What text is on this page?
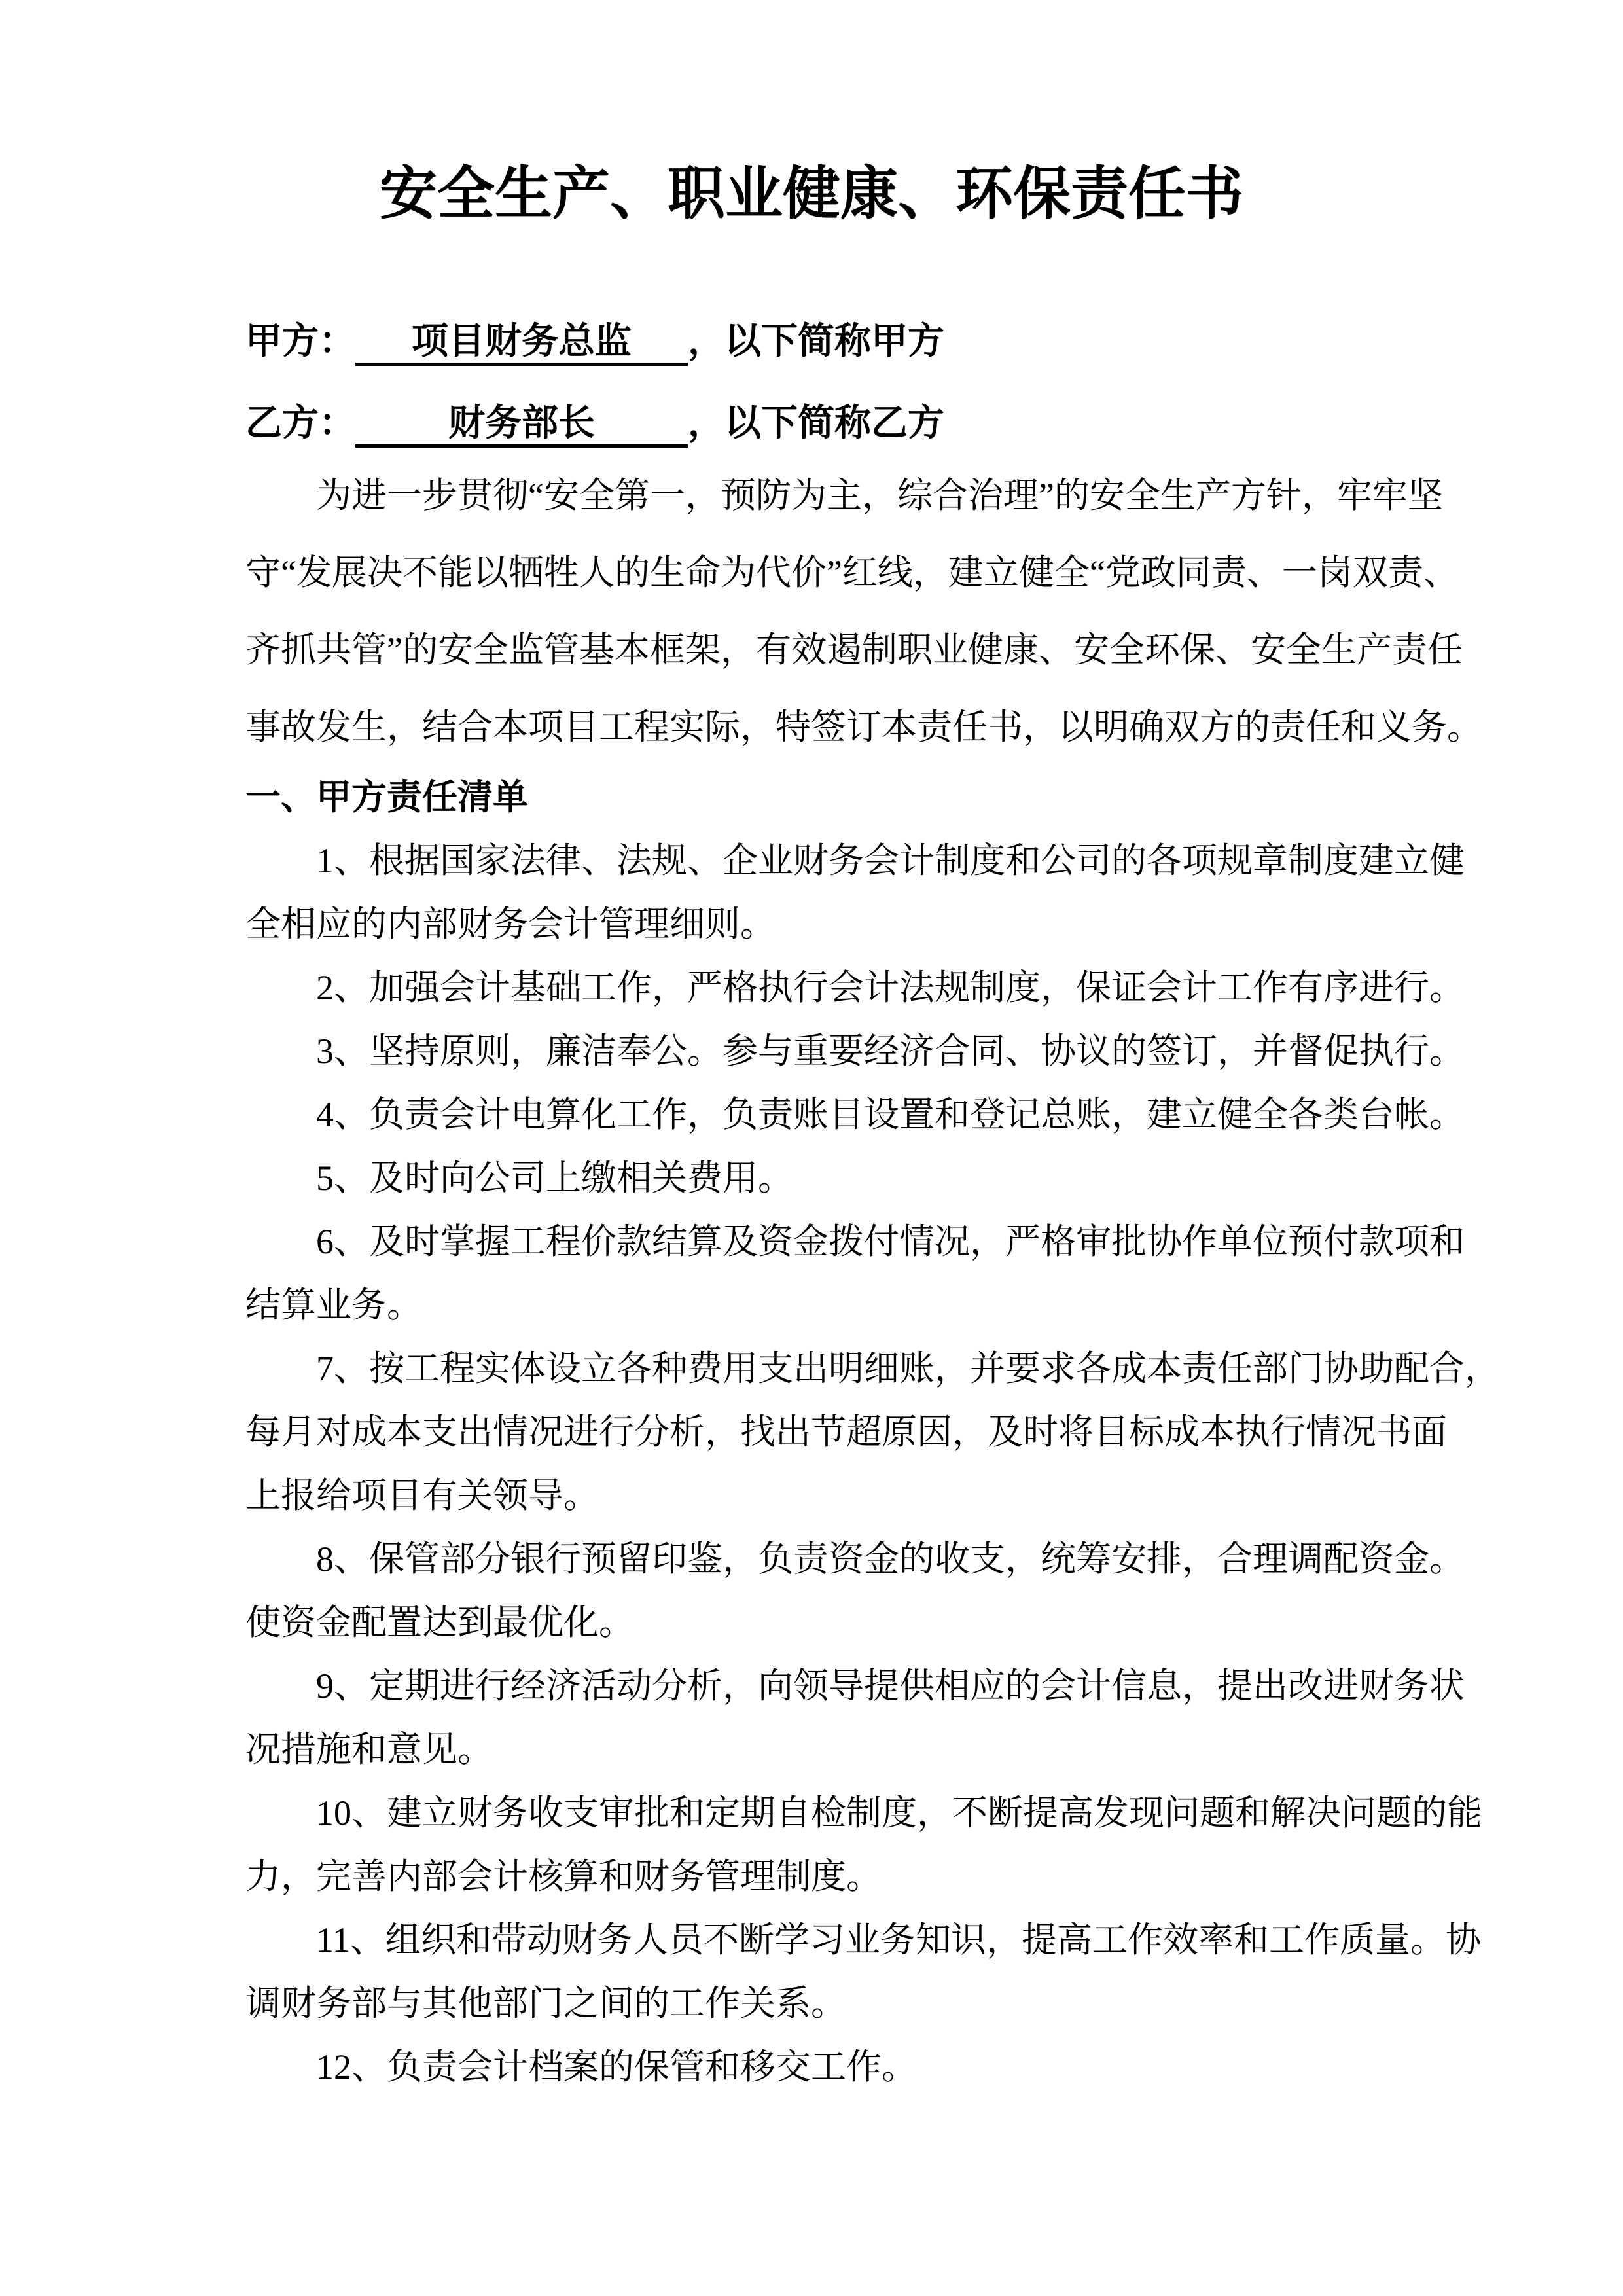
安全生产、职业健康、环保责任书
甲方： 项目财务总监 ，以下简称甲方
乙方：	财务部长	，以下简称乙方
为进一步贯彻“安全第一，预防为主，综合治理”的安全生产方针，牢牢坚
守“发展决不能以牺牲人的生命为代价”红线，建立健全“党政同责、一岗双责、
齐抓共管”的安全监管基本框架，有效遏制职业健康、安全环保、安全生产责任
事故发生，结合本项目工程实际，特签订本责任书，以明确双方的责任和义务。
一、甲方责任清单
1、根据国家法律、法规、企业财务会计制度和公司的各项规章制度建立健
全相应的内部财务会计管理细则。
2、加强会计基础工作，严格执行会计法规制度，保证会计工作有序进行。
3、坚持原则，廉洁奉公。参与重要经济合同、协议的签订，并督促执行。
4、负责会计电算化工作，负责账目设置和登记总账，建立健全各类台帐。
5、及时向公司上缴相关费用。
6、及时掌握工程价款结算及资金拨付情况，严格审批协作单位预付款项和
结算业务。
7、按工程实体设立各种费用支出明细账，并要求各成本责任部门协助配合，
每月对成本支出情况进行分析，找出节超原因，及时将目标成本执行情况书面
上报给项目有关领导。
8、保管部分银行预留印鉴，负责资金的收支，统筹安排，合理调配资金。
使资金配置达到最优化。
9、定期进行经济活动分析，向领导提供相应的会计信息，提出改进财务状
况措施和意见。
10、建立财务收支审批和定期自检制度，不断提高发现问题和解决问题的能
力，完善内部会计核算和财务管理制度。
11、组织和带动财务人员不断学习业务知识，提高工作效率和工作质量。协
调财务部与其他部门之间的工作关系。
12、负责会计档案的保管和移交工作。
